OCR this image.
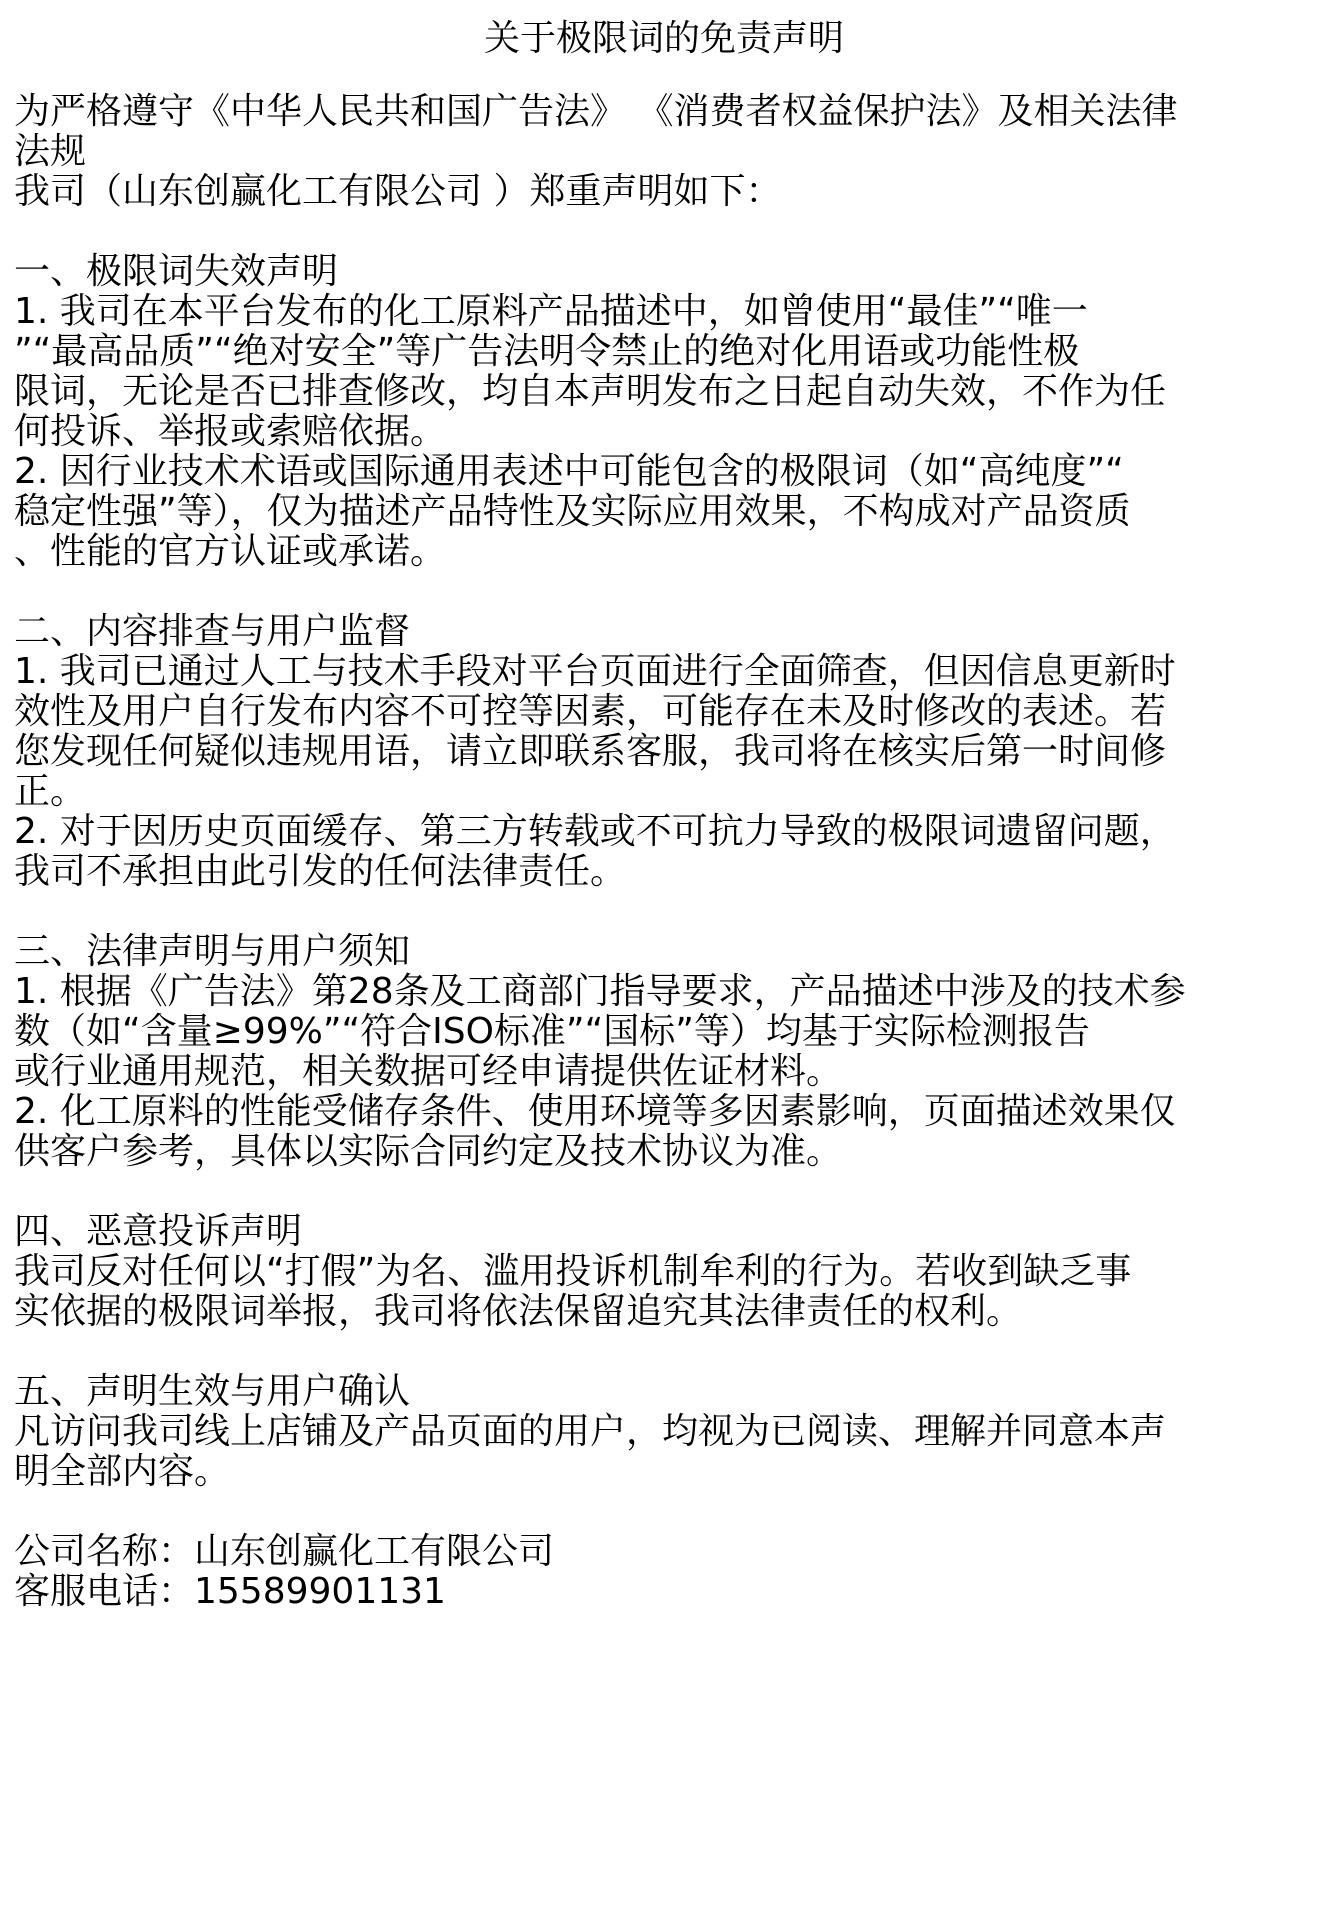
关于极限词的免责声明
为严格遵守《中华人民共和国广告法》 《消费者权益保护法》及相关法律
法规
我司（山东创赢化工有限公司 ）郑重声明如下：
一、极限词失效声明
1. 我司在本平台发布的化工原料产品描述中，如曾使用“最佳”“唯一
”“最高品质”“绝对安全”等广告法明令禁止的绝对化用语或功能性极
限词，无论是否已排查修改，均自本声明发布之日起自动失效，不作为任
何投诉、举报或索赔依据。
2. 因行业技术术语或国际通用表述中可能包含的极限词（如“高纯度”“
稳定性强”等），仅为描述产品特性及实际应用效果，不构成对产品资质
、性能的官方认证或承诺。
二、内容排查与用户监督
1. 我司已通过人工与技术手段对平台页面进行全面筛查，但因信息更新时
效性及用户自行发布内容不可控等因素，可能存在未及时修改的表述。若
您发现任何疑似违规用语，请立即联系客服，我司将在核实后第一时间修
正。
2. 对于因历史页面缓存、第三方转载或不可抗力导致的极限词遗留问题，
我司不承担由此引发的任何法律责任。
三、法律声明与用户须知
1. 根据《广告法》第28条及工商部门指导要求，产品描述中涉及的技术参
数（如“含量≥99%”“符合ISO标准”“国标”等）均基于实际检测报告
或行业通用规范，相关数据可经申请提供佐证材料。
2. 化工原料的性能受储存条件、使用环境等多因素影响，页面描述效果仅
供客户参考，具体以实际合同约定及技术协议为准。
四、恶意投诉声明
我司反对任何以“打假”为名、滥用投诉机制牟利的行为。若收到缺乏事
实依据的极限词举报，我司将依法保留追究其法律责任的权利。
五、声明生效与用户确认
凡访问我司线上店铺及产品页面的用户，均视为已阅读、理解并同意本声
明全部内容。
公司名称：山东创赢化工有限公司
客服电话：15589901131
